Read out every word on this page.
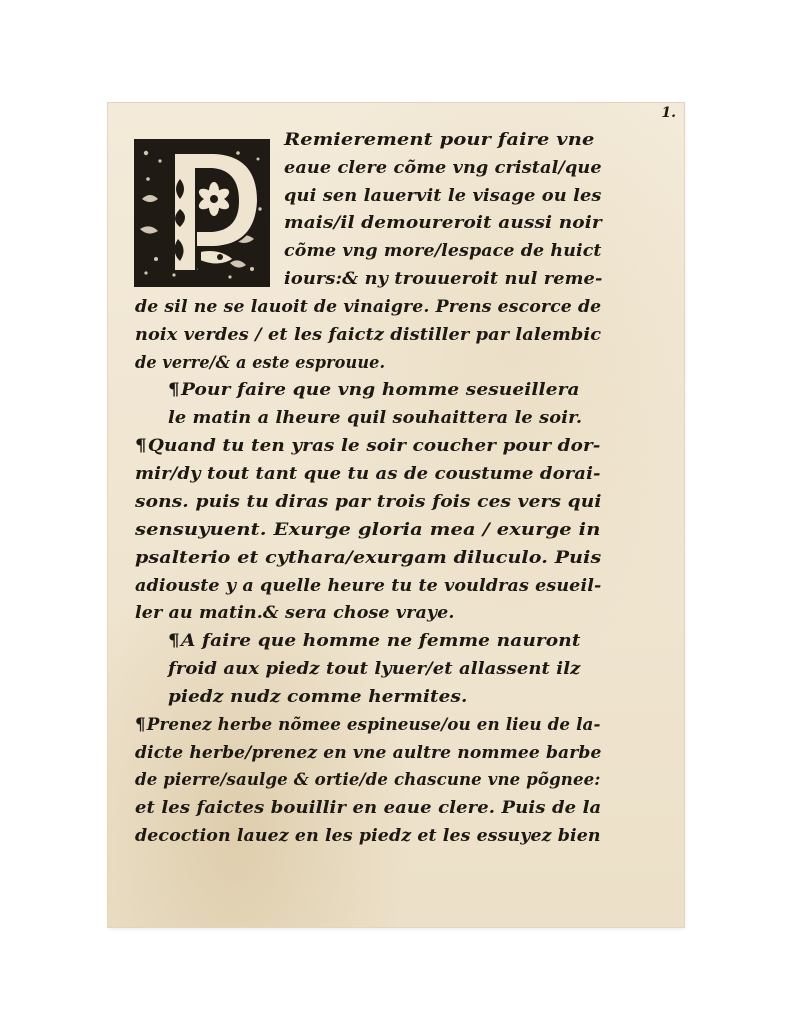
1.
Remierement pour faire vne
eaue clere cõme vng cristal/que
qui sen lauervit le visage ou les
mais/il demoureroit aussi noir
cõme vng more/lespace de huict
iours:& ny trouueroit nul reme-
de sil ne se lauoit de vinaigre. Prens escorce de
noix verdes / et les faictz distiller par lalembic
de verre/& a este esprouue.
¶Pour faire que vng homme sesueillera
le matin a lheure quil souhaittera le soir.
¶Quand tu ten yras le soir coucher pour dor-
mir/dy tout tant que tu as de coustume dorai-
sons. puis tu diras par trois fois ces vers qui
sensuyuent. Exurge gloria mea / exurge in
psalterio et cythara/exurgam diluculo. Puis
adiouste y a quelle heure tu te vouldras esueil-
ler au matin.& sera chose vraye.
¶A faire que homme ne femme nauront
froid aux piedz tout lyuer/et allassent ilz
piedz nudz comme hermites.
¶Prenez herbe nõmee espineuse/ou en lieu de la-
dicte herbe/prenez en vne aultre nommee barbe
de pierre/saulge & ortie/de chascune vne põgnee:
et les faictes bouillir en eaue clere. Puis de la
decoction lauez en les piedz et les essuyez bien
